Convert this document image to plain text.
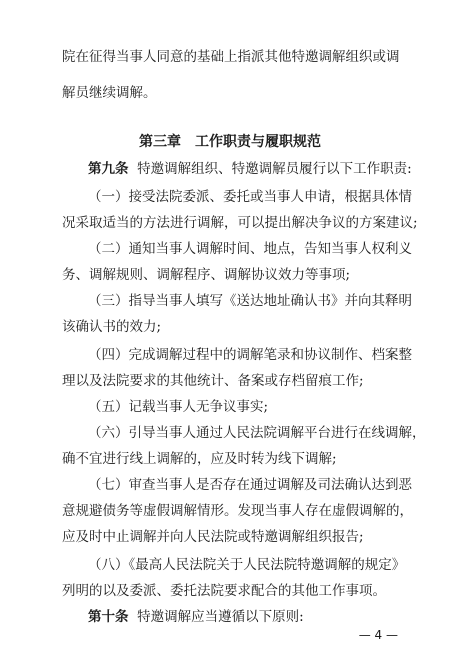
院在征得当事人同意的基础上指派其他特邀调解组织或调
解员继续调解。
第三章　工作职责与履职规范
第九条 特邀调解组织、特邀调解员履行以下工作职责:
（一）接受法院委派、委托或当事人申请，根据具体情
况采取适当的方法进行调解，可以提出解决争议的方案建议;
（二）通知当事人调解时间、地点，告知当事人权利义
务、调解规则、调解程序、调解协议效力等事项;
（三）指导当事人填写《送达地址确认书》并向其释明
该确认书的效力;
（四）完成调解过程中的调解笔录和协议制作、档案整
理以及法院要求的其他统计、备案或存档留痕工作;
（五）记载当事人无争议事实;
（六）引导当事人通过人民法院调解平台进行在线调解，
确不宜进行线上调解的，应及时转为线下调解;
（七）审查当事人是否存在通过调解及司法确认达到恶
意规避债务等虚假调解情形。发现当事人存在虚假调解的，
应及时中止调解并向人民法院或特邀调解组织报告;
（八）《最高人民法院关于人民法院特邀调解的规定》
列明的以及委派、委托法院要求配合的其他工作事项。
第十条 特邀调解应当遵循以下原则:
— 4 —
